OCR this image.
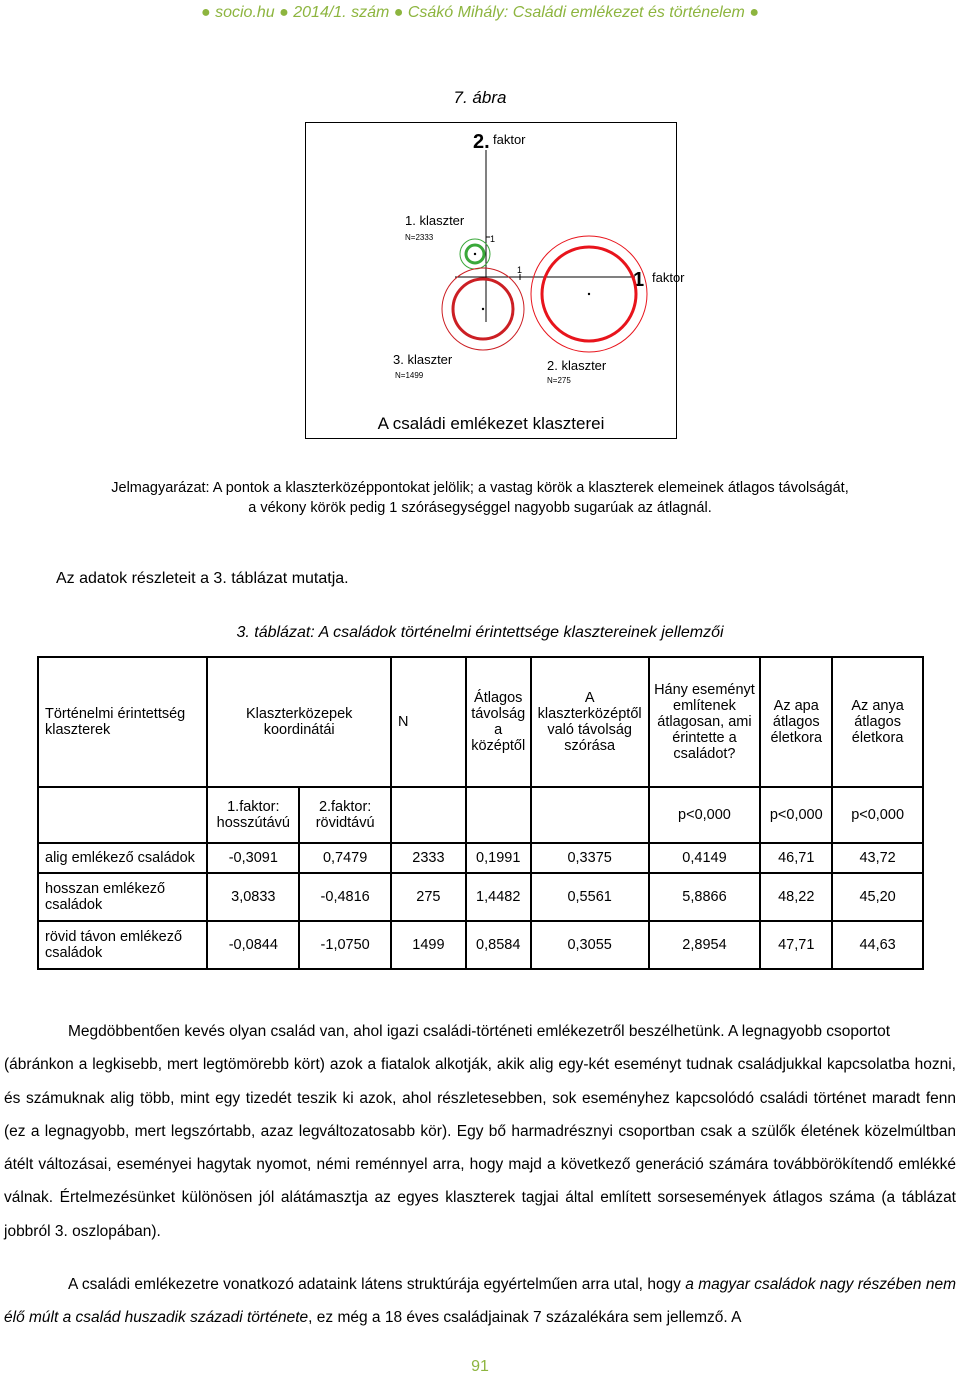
● socio.hu ● 2014/1. szám ● Csákó Mihály: Családi emlékezet és történelem ●
7. ábra
2. faktor
1 faktor
1
1
1. klaszter
N=2333
3. klaszter
N=1499
2. klaszter
N=275
A családi emlékezet klaszterei
Jelmagyarázat: A pontok a klaszterközéppontokat jelölik; a vastag körök a klaszterek elemeinek átlagos távolságát,
a vékony körök pedig 1 szórásegységgel nagyobb sugarúak az átlagnál.
Az adatok részleteit a 3. táblázat mutatja.
3. táblázat: A családok történelmi érintettsége klasztereinek jellemzői
Történelmi érintettség klaszterek	Klaszterközepek koordinátái		N	Átlagos távolság a középtől	A klaszterközéptől való távolság szórása	Hány eseményt említenek átlagosan, ami érintette a családot?	Az apa átlagos életkora	Az anya átlagos életkora

	1.faktor:
hosszútávú	2.faktor:
rövidtávú				p<0,000	p<0,000	p<0,000
alig emlékező családok	-0,3091	0,7479	2333	0,1991	0,3375	0,4149	46,71	43,72
hosszan emlékező családok	3,0833	-0,4816	275	1,4482	0,5561	5,8866	48,22	45,20
rövid távon emlékező családok	-0,0844	-1,0750	1499	0,8584	0,3055	2,8954	47,71	44,63

Megdöbbentően kevés olyan család van, ahol igazi családi-történeti emlékezetről beszélhetünk. A legnagyobb csoportot

(ábránkon a legkisebb, mert legtömörebb kört) azok a fiatalok alkotják, akik alig egy-két eseményt tudnak családjukkal kapcsolatba hozni, és számuknak alig több, mint egy tizedét teszik ki azok, ahol részletesebben, sok eseményhez kapcsolódó családi történet maradt fenn (ez a legnagyobb, mert legszórtabb, azaz legváltozatosabb kör). Egy bő harmadrésznyi csoportban csak a szülők életének közelmúltban átélt változásai, eseményei hagytak nyomot, némi reménnyel arra, hogy majd a következő generáció számára továbbörökítendő emlékké válnak. Értelmezésünket különösen jól alátámasztja az egyes klaszterek tagjai által említett sorsesemények átlagos száma (a táblázat jobbról 3. oszlopában).

A családi emlékezetre vonatkozó adataink látens struktúrája egyértelműen arra utal, hogy a magyar családok nagy részében nem élő múlt a család huszadik századi története, ez még a 18 éves családjainak 7 százalékára sem jellemző. A

91
